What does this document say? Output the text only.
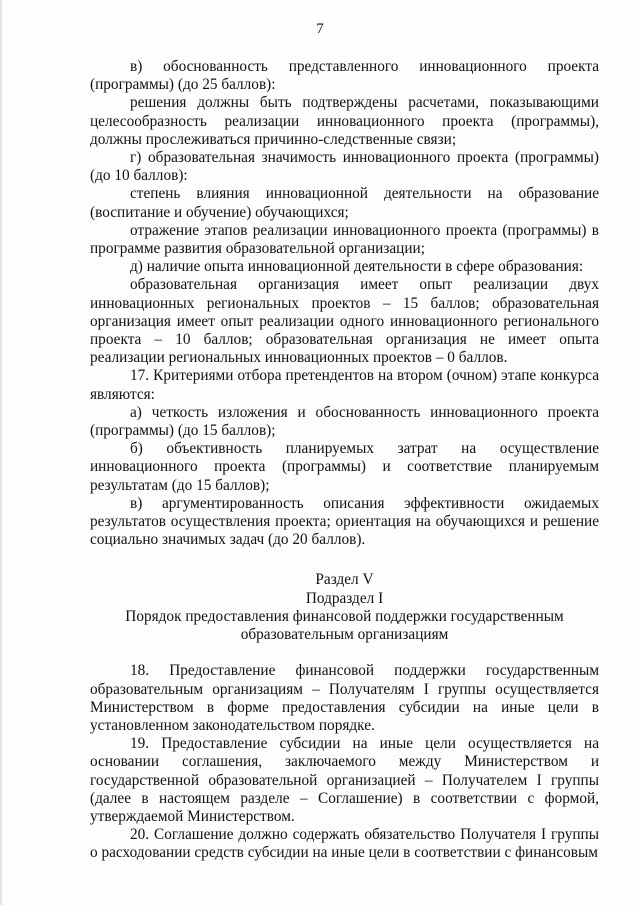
7

в) обоснованность представленного инновационного проекта (программы) (до 25 баллов):

решения должны быть подтверждены расчетами, показывающими целесообразность реализации инновационного проекта (программы), должны прослеживаться причинно-следственные связи;

г) образовательная значимость инновационного проекта (программы) (до 10 баллов):

степень влияния инновационной деятельности на образование (воспитание и обучение) обучающихся;

отражение этапов реализации инновационного проекта (программы) в программе развития образовательной организации;

д) наличие опыта инновационной деятельности в сфере образования:

образовательная организация имеет опыт реализации двух инновационных региональных проектов – 15 баллов; образовательная организация имеет опыт реализации одного инновационного регионального проекта – 10 баллов; образовательная организация не имеет опыта реализации региональных инновационных проектов – 0 баллов.

17. Критериями отбора претендентов на втором (очном) этапе конкурса являются:

а) четкость изложения и обоснованность инновационного проекта (программы) (до 15 баллов);

б) объективность планируемых затрат на осуществление инновационного проекта (программы) и соответствие планируемым результатам (до 15 баллов);

в) аргументированность описания эффективности ожидаемых результатов осуществления проекта; ориентация на обучающихся и решение социально значимых задач (до 20 баллов).

Раздел V

Подраздел I

Порядок предоставления финансовой поддержки государственным

образовательным организациям

18. Предоставление финансовой поддержки государственным образовательным организациям – Получателям I группы осуществляется Министерством в форме предоставления субсидии на иные цели в установленном законодательством порядке.

19. Предоставление субсидии на иные цели осуществляется на основании соглашения, заключаемого между Министерством и государственной образовательной организацией – Получателем I группы (далее в настоящем разделе – Соглашение) в соответствии с формой, утверждаемой Министерством.

20. Соглашение должно содержать обязательство Получателя I группы о расходовании средств субсидии на иные цели в соответствии с финансовым
